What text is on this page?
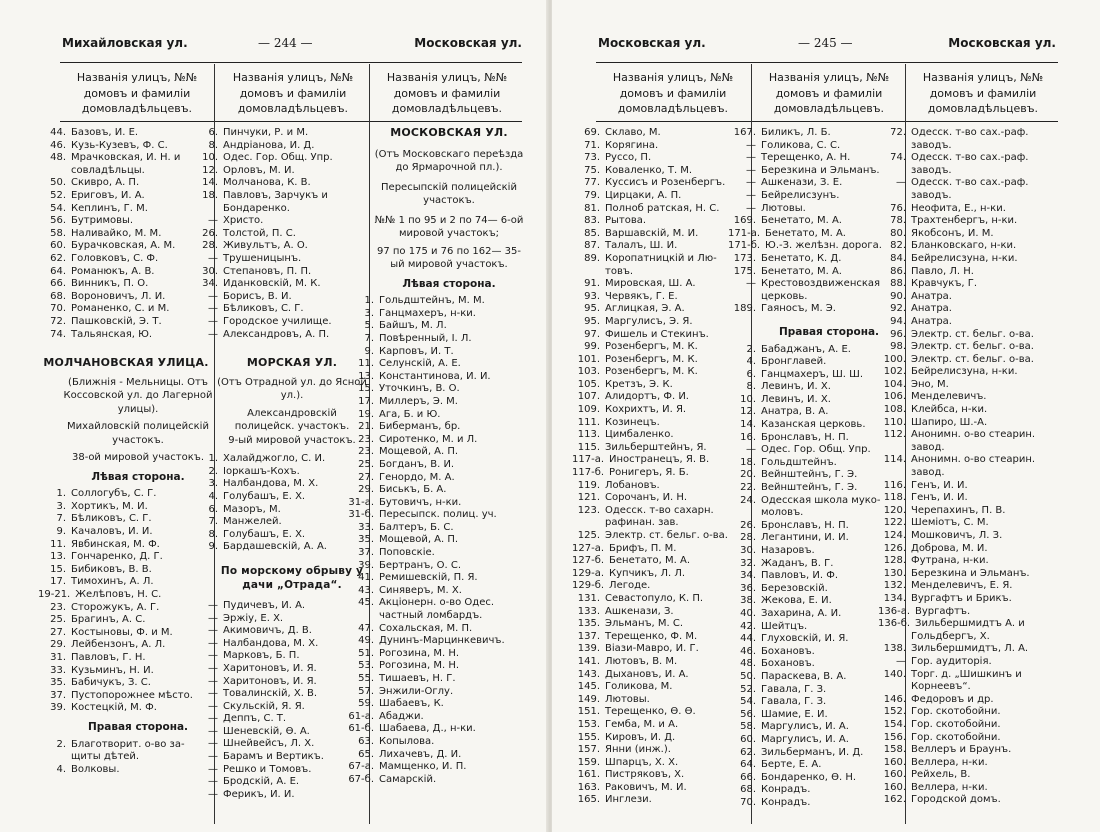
Михайловская ул.	— 244 —	Московская ул.
Названія улицъ, №№ домовъ и фамиліи домовладѣльцевъ.
Названія улицъ, №№ домовъ и фамиліи домовладѣльцевъ.
Названія улицъ, №№ домовъ и фамиліи домовладѣльцевъ.
44. Базовъ, И. Е.
46. Кузь-Кузевъ, Ф. С.
48. Мрачковская, И. Н. и
совладѣльцы.
50. Скиврo, А. П.
52. Ериговъ, И. А.
54. Кеплинъ, Г. М.
56. Бутримовы.
58. Наливайко, М. М.
60. Бурачковская, А. М.
62. Головковъ, С. Ф.
64. Романюкъ, А. В.
66. Винникъ, П. О.
68. Вороновичъ, Л. И.
70. Романенко, С. и М.
72. Пашковскій, Э. Т.
74. Тальянская, Ю.
МОЛЧАНОВСКАЯ УЛИЦА.
(Ближнія - Мельницы. Отъ Коссовской ул. до Лагерной улицы).
Михайловскій полицейскій участокъ.
38-ой мировой участокъ.
Лѣвая сторона.
1. Соллогубъ, С. Г.
3. Хортикъ, М. И.
7. Бѣликовъ, С. Г.
9. Качаловъ, И. И.
11. Явбинская, М. Ф.
13. Гончаренко, Д. Г.
15. Бибиковъ, В. В.
17. Тимохинъ, А. Л.
19-21. Желѣповъ, Н. С.
23. Сторожукъ, А. Г.
25. Брагинъ, А. С.
27. Костыновы, Ф. и М.
29. Лейбензонъ, А. Л.
31. Павловъ, Г. Н.
33. Кузьминъ, Н. И.
35. Бабичукъ, З. С.
37. Пустопорожнее мѣсто.
39. Костецкій, М. Ф.
Правая сторона.
2. Благотворит. о-во за-
щиты дѣтей.
4. Волковы.
6. Пинчуки, Р. и М.
8. Андріанова, И. Д.
10. Одес. Гор. Общ. Упр.
12. Орловъ, М. И.
14. Молчанова, К. В.
18. Павловъ, Зарчукъ и
Бондаренко.
— Христо.
26. Толстой, П. С.
28. Живультъ, А. О.
— Трушеницынъ.
30. Степановъ, П. П.
34. Иданковскій, М. К.
— Борисъ, В. И.
— Бѣликовъ, С. Г.
— Городское училище.
— Александровъ, А. П.
МОРСКАЯ УЛ.
(Отъ Отрадной ул. до Ясной ул.).
Александровскій полицейск. участокъ.
9-ый мировой участокъ.
1. Халайджогло, С. И.
2. Іоркашъ-Кохъ.
3. Налбандова, М. Х.
4. Голубашъ, Е. Х.
6. Мазоръ, М.
7. Манжелей.
8. Голубашъ, Е. Х.
9. Бардашевскій, А. А.
По морскому обрыву у дачи „Отрада“.
— Пудичевъ, И. А.
— Эржіу, Е. Х.
— Акимовичъ, Д. В.
— Налбандова, М. Х.
— Марковъ, Б. П.
— Харитоновъ, И. Я.
— Харитоновъ, И. Я.
— Товалинскій, Х. В.
— Скульскій, Я. Я.
— Деппъ, С. Т.
— Шеневскій, Ѳ. А.
— Шнейвейсъ, Л. Х.
— Барамъ и Вертикъ.
— Решко и Томовъ.
— Бродскій, А. Е.
— Ферикъ, И. И.
МОСКОВСКАЯ УЛ.
(Отъ Московскаго переѣзда до Ярмарочной пл.).
Пересыпскій полицейскій участокъ.
№№ 1 по 95 и 2 по 74— 6-ой мировой участокъ;
97 по 175 и 76 по 162— 35-ый мировой участокъ.
Лѣвая сторона.
1. Гольдштейнъ, М. М.
3. Ганцмахеръ, н-ки.
5. Байшъ, М. Л.
7. Повѣренный, І. Л.
9. Карповъ, И. Т.
11. Селунскій, А. Е.
13. Константинова, И. И.
15. Уточкинъ, В. О.
17. Миллеръ, Э. М.
19. Ага, Б. и Ю.
21. Биберманъ, бр.
23. Сиротенко, М. и Л.
23. Мощевой, А. П.
25. Богданъ, В. И.
27. Генордо, М. А.
29. Биськъ, Б. А.
31-а. Бутовичъ, н-ки.
31-б. Пересыпск. полиц. уч.
33. Балтеръ, Б. С.
35. Мощевой, А. П.
37. Поповскіе.
39. Бертранъ, О. С.
41. Ремишевскій, П. Я.
43. Синяверъ, М. Х.
45. Акціонерн. о-во Одес.
частный ломбардъ.
47. Сохальская, М. П.
49. Дунинъ-Марцинкевичъ.
51. Рогозина, М. Н.
53. Рогозина, М. Н.
55. Тишаевъ, Н. Г.
57. Энжили-Оглу.
59. Шабаевъ, К.
61-а. Абаджи.
61-б. Шабаева, Д., н-ки.
63. Копылова.
65. Лихачевъ, Д. И.
67-а. Мамщенко, И. П.
67-б. Самарскій.
Московская ул.	— 245 —	Московская ул.
Названія улицъ, №№ домовъ и фамиліи домовладѣльцевъ.
Названія улицъ, №№ домовъ и фамиліи домовладѣльцевъ.
Названія улицъ, №№ домовъ и фамиліи домовладѣльцевъ.
69. Склаво, М.
71. Корягина.
73. Руссо, П.
75. Коваленко, Т. М.
77. Куссисъ и Розенбергъ.
79. Цирцаки, А. П.
81. Полноб ратская, Н. С.
83. Рытова.
85. Варшавскій, М. И.
87. Талалъ, Ш. И.
89. Коропатницкій и Лю-
товъ.
91. Мировская, Ш. А.
93. Червякъ, Г. Е.
95. Аглицкая, Э. А.
95. Маргулисъ, Э. Я.
97. Фишель и Стекинъ.
99. Розенбергъ, М. К.
101. Розенбергъ, М. К.
103. Розенбергъ, М. К.
105. Кретзъ, Э. К.
107. Алидортъ, Ф. И.
109. Кохрихтъ, И. Я.
111. Козинецъ.
113. Цимбаленко.
115. Зильберштейнъ, Я.
117-а. Иностранецъ, Я. В.
117-б. Ронигеръ, Я. Б.
119. Лобановъ.
121. Сорочанъ, И. Н.
123. Одесск. т-во сахарн.
рафинан. зав.
125. Электр. ст. бельг. о-ва.
127-а. Брифъ, П. М.
127-б. Бенетато, М. А.
129-а. Купчикъ, Л. Л.
129-б. Легоде.
131. Севастопуло, К. П.
133. Ашкенази, З.
135. Эльманъ, М. С.
137. Терещенко, Ф. М.
139. Віази-Мавро, И. Г.
141. Лютовъ, В. М.
143. Дыхановъ, И. А.
145. Голикова, М.
149. Лютовы.
151. Терещенко, Ѳ. Ѳ.
153. Гемба, М. и А.
155. Кировъ, И. Д.
157. Янни (инж.).
159. Шпарцъ, Х. Х.
161. Пистряковъ, Х.
163. Раковичъ, М. И.
165. Инглези.
167. Биликъ, Л. Б.
— Голикова, С. С.
— Терещенко, А. Н.
— Березкина и Эльманъ.
— Ашкенази, З. Е.
— Бейрелисзунъ.
— Лютовы.
169. Бенетато, М. А.
171-а. Бенетато, М. А.
171-б. Ю.-З. желѣзн. дорога.
173. Бенетато, К. Д.
175. Бенетато, М. А.
— Крестовоздвиженская
церковь.
189. Гаяносъ, М. Э.
Правая сторона.
2. Бабаджанъ, А. Е.
4. Бронглавей.
6. Ганцмахеръ, Ш. Ш.
8. Левинъ, И. Х.
10. Левинъ, И. Х.
12. Анатра, В. А.
14. Казанская церковь.
16. Бронславъ, Н. П.
— Одес. Гор. Общ. Упр.
18. Гольдштейнъ.
20. Вейнштейнъ, Г. Э.
22. Вейнштейнъ, Г. Э.
24. Одесская школа муко-
моловъ.
26. Бронславъ, Н. П.
28. Легантини, И. И.
30. Назаровъ.
32. Жаданъ, В. Г.
34. Павловъ, И. Ф.
36. Березовскій.
38. Жекова, Е. И.
40. Захарина, А. И.
42. Шейтцъ.
44. Глуховскій, И. Я.
46. Бохановъ.
48. Бохановъ.
50. Параскева, В. А.
52. Гавала, Г. З.
54. Гавала, Г. З.
56. Шамие, Е. И.
58. Маргулисъ, И. А.
60. Маргулисъ, И. А.
62. Зильберманъ, И. Д.
64. Берте, Е. А.
66. Бондаренко, Ѳ. Н.
68. Конрадъ.
70. Конрадъ.
72. Одесск. т-во сах.-раф.
заводъ.
74. Одесск. т-во сах.-раф.
заводъ.
— Одесск. т-во сах.-раф.
заводъ.
76. Неофита, Е., н-ки.
78. Трахтенбергъ, н-ки.
80. Якобсонъ, И. М.
82. Бланковскаго, н-ки.
84. Бейрелисзуна, н-ки.
86. Павло, Л. Н.
88. Кравчукъ, Г.
90. Анатра.
92. Анатра.
94. Анатра.
96. Электр. ст. бельг. о-ва.
98. Электр. ст. бельг. о-ва.
100. Электр. ст. бельг. о-ва.
102. Бейрелисзуна, н-ки.
104. Эно, М.
106. Менделевичъ.
108. Клейбса, н-ки.
110. Шапиро, Ш.-А.
112. Анонимн. о-во стеарин.
завод.
114. Анонимн. о-во стеарин.
завод.
116. Генъ, И. И.
118. Генъ, И. И.
120. Черепахинъ, П. В.
122. Шеміотъ, С. М.
124. Мошковичъ, Л. З.
126. Доброва, М. И.
128. Футрана, н-ки.
130. Березкина и Эльманъ.
132. Менделевичъ, Е. Я.
134. Вургафтъ и Брикъ.
136-а. Вургафтъ.
136-б. Зильбершмидтъ А. и
Гольдбергъ, Х.
138. Зильбершмидтъ, Л. А.
— Гор. аудиторія.
140. Торг. д. „Шишкинъ и
Корнеевъ“.
146. Федоровъ и др.
152. Гор. скотобойни.
154. Гор. скотобойни.
156. Гор. скотобойни.
158. Веллеръ и Браунъ.
160. Веллера, н-ки.
160. Рейхель, В.
160. Веллера, н-ки.
162. Городской домъ.
